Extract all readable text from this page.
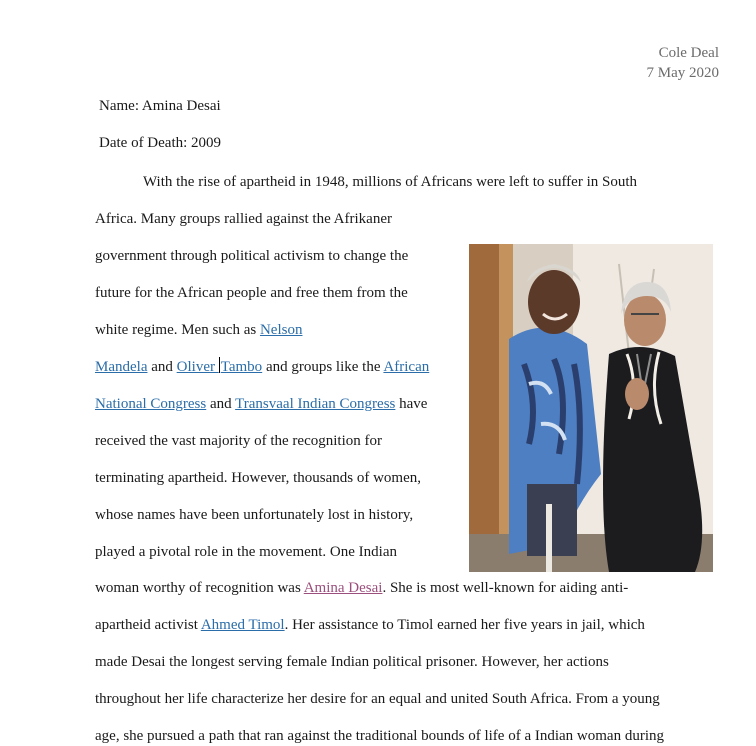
Cole Deal
7 May 2020
Name: Amina Desai
Date of Death: 2009
With the rise of apartheid in 1948, millions of Africans were left to suffer in South
Africa. Many groups rallied against the Afrikaner
government through political activism to change the
future for the African people and free them from the
white regime. Men such as Nelson
Mandela and Oliver Tambo and groups like the African
National Congress and Transvaal Indian Congress have
received the vast majority of the recognition for
terminating apartheid. However, thousands of women,
whose names have been unfortunately lost in history,
played a pivotal role in the movement. One Indian
woman worthy of recognition was Amina Desai. She is most well-known for aiding anti-
apartheid activist Ahmed Timol. Her assistance to Timol earned her five years in jail, which
made Desai the longest serving female Indian political prisoner. However, her actions
throughout her life characterize her desire for an equal and united South Africa. From a young
age, she pursued a path that ran against the traditional bounds of life of a Indian woman during
